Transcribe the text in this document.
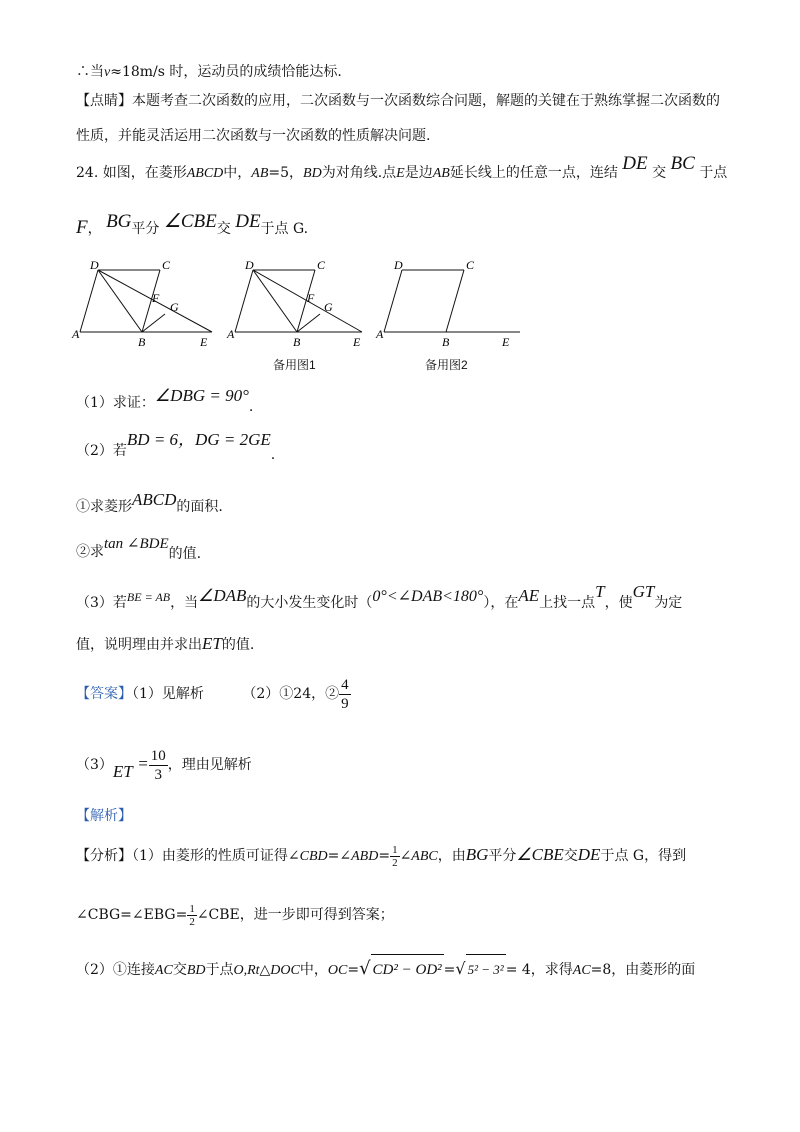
∴当v≈18m/s 时，运动员的成绩恰能达标.
【点睛】本题考查二次函数的应用，二次函数与一次函数综合问题，解题的关键在于熟练掌握二次函数的
性质，并能灵活运用二次函数与一次函数的性质解决问题.
24. 如图，在菱形ABCD中，AB=5，BD为对角线.点E是边AB延长线上的任意一点，连结 DE 交 BC 于点
F， BG平分 ∠CBE交 DE于点 G.
D	C
F
G
A
B	E
D	C
F
G
A
B	E
D	C
A
B	E
备用图1	备用图2
（1）求证：∠DBG = 90°.
（2）若BD = 6，DG = 2GE.
①求菱形ABCD的面积.
②求tan ∠BDE的值.
（3）若BE = AB，当∠DAB的大小发生变化时（0°<∠DAB<180°），在AE上找一点T，使GT为定
值，说明理由并求出ET的值.
【答案】（1）见解析	（2）①24，② $\frac{4}{9}$
$(3)ET = \frac{10}{3}$ ，理由见解析
【解析】
【分析】（1）由菱形的性质可证得∠CBD=∠ABD= $\frac{1}{2}$ ∠ABC，由BG平分∠CBE交DE于点 G，得到
∠CBG=∠EBG= $\frac{1}{2}$ ∠CBE，进一步即可得到答案；
（2）①连接AC交BD于点O,Rt△DOC中，OC=√ CD² − OD² =√ 5² − 3² = 4，求得AC=8，由菱形的面
